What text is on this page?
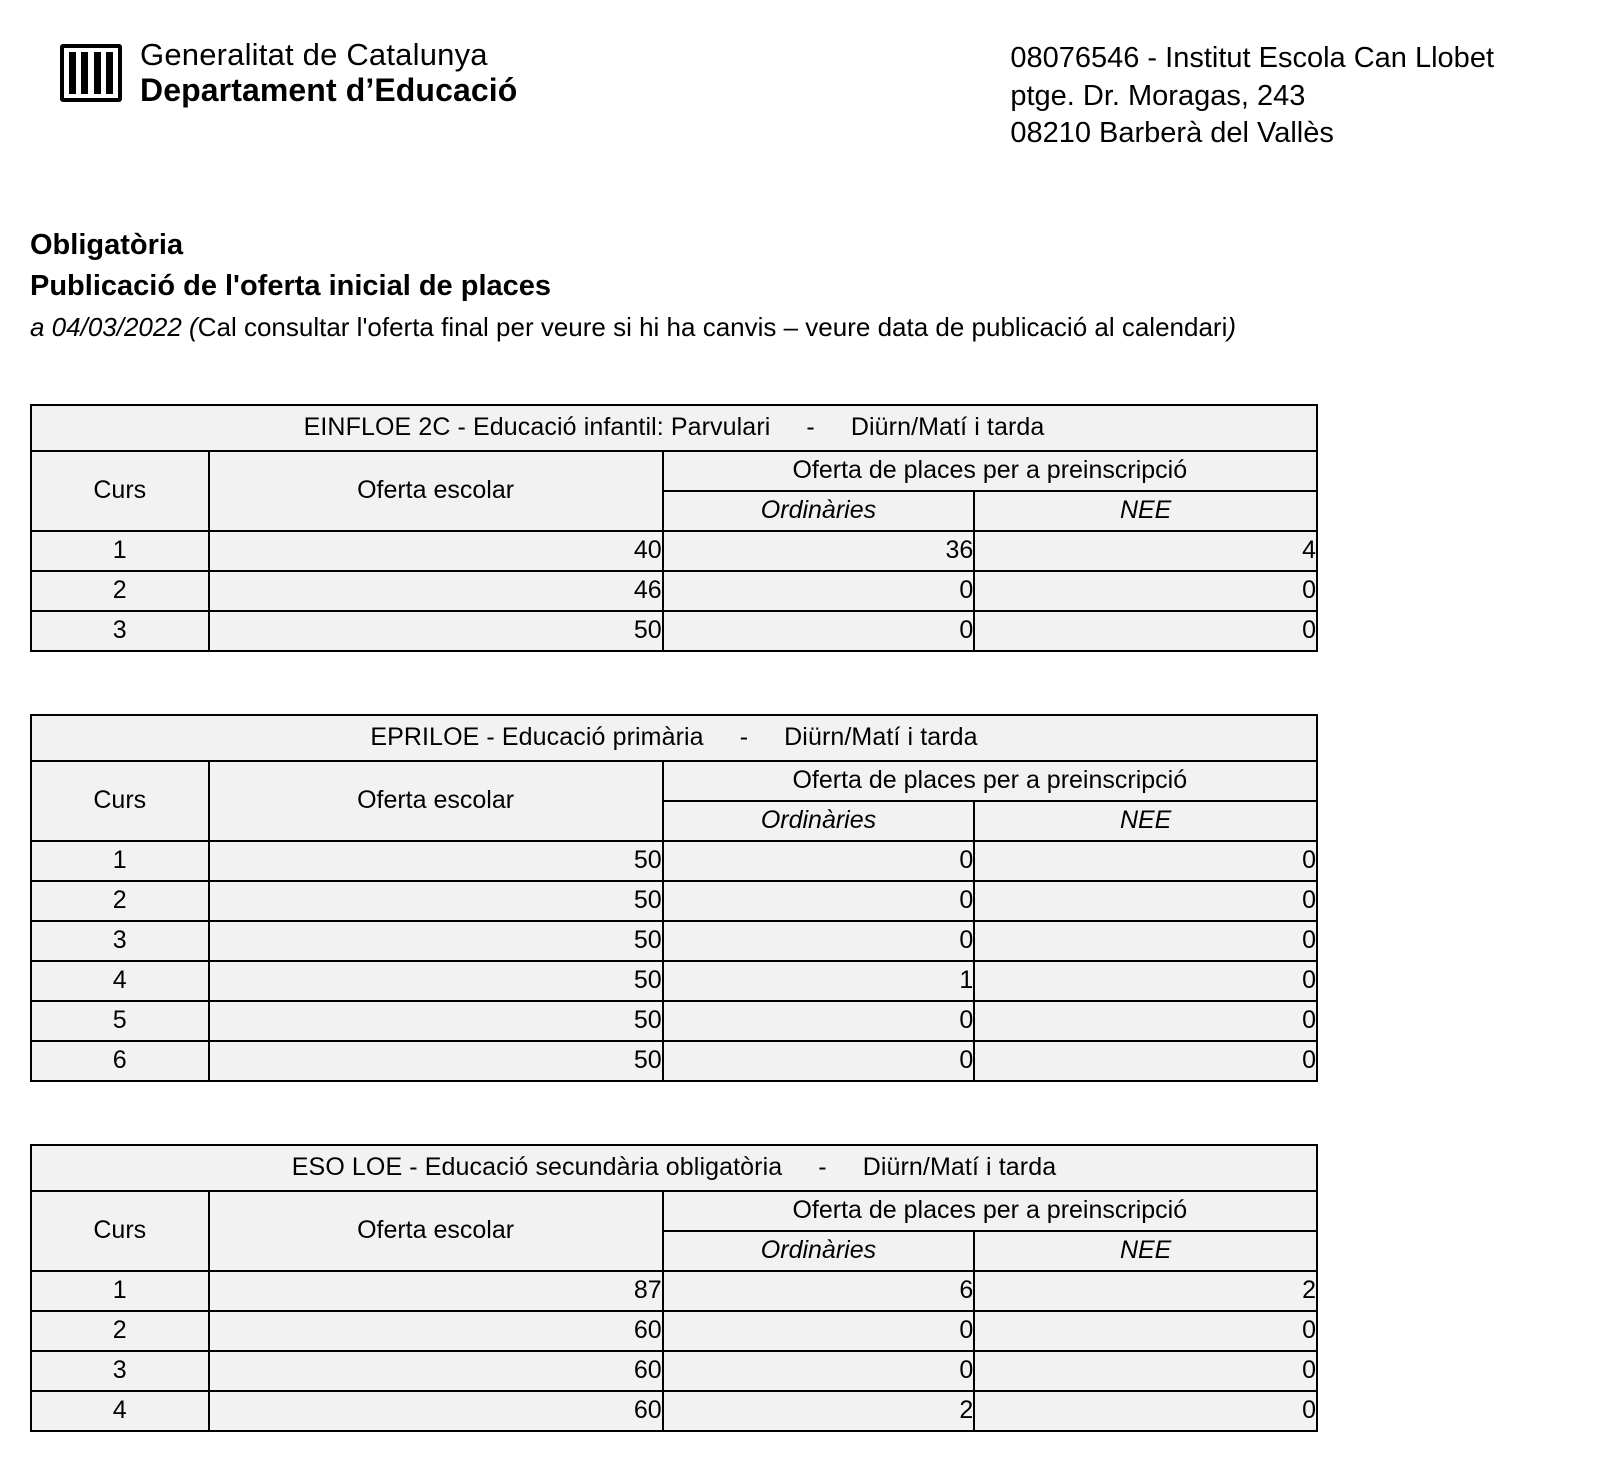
Generalitat de Catalunya
Departament d’Educació
08076546 - Institut Escola Can Llobet
ptge. Dr. Moragas, 243
08210 Barberà del Vallès
Obligatòria
Publicació de l'oferta inicial de places
a 04/03/2022 (Cal consultar l'oferta final per veure si hi ha canvis – veure data de publicació al calendari)
EINFLOE 2C - Educació infantil: Parvulari - Diürn/Matí i tarda			
Curs	Oferta escolar	Oferta de places per a preinscripció	
		Ordinàries	NEE
1	40	36	4
2	46	0	0
3	50	0	0
EPRILOE - Educació primària - Diürn/Matí i tarda			
Curs	Oferta escolar	Oferta de places per a preinscripció	
		Ordinàries	NEE
1	50	0	0
2	50	0	0
3	50	0	0
4	50	1	0
5	50	0	0
6	50	0	0
ESO LOE - Educació secundària obligatòria - Diürn/Matí i tarda			
Curs	Oferta escolar	Oferta de places per a preinscripció	
		Ordinàries	NEE
1	87	6	2
2	60	0	0
3	60	0	0
4	60	2	0
